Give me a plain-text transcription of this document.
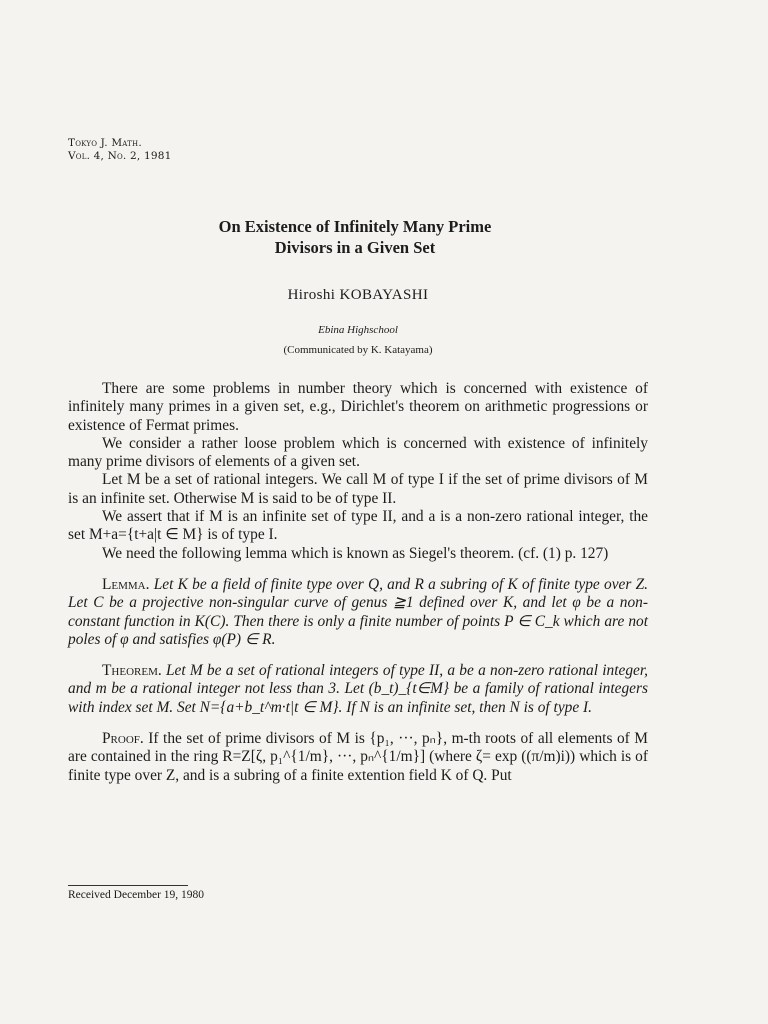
Tokyo J. Math.
Vol. 4, No. 2, 1981
On Existence of Infinitely Many Prime
Divisors in a Given Set
Hiroshi KOBAYASHI
Ebina Highschool
(Communicated by K. Katayama)

There are some problems in number theory which is concerned with existence of infinitely many primes in a given set, e.g., Dirichlet's theorem on arithmetic progressions or existence of Fermat primes.

We consider a rather loose problem which is concerned with existence of infinitely many prime divisors of elements of a given set.

Let M be a set of rational integers. We call M of type I if the set of prime divisors of M is an infinite set. Otherwise M is said to be of type II.

We assert that if M is an infinite set of type II, and a is a non-zero rational integer, the set M+a={t+a|t ∈ M} is of type I.

We need the following lemma which is known as Siegel's theorem. (cf. (1) p. 127)

Lemma. Let K be a field of finite type over Q, and R a subring of K of finite type over Z. Let C be a projective non-singular curve of genus ≧1 defined over K, and let φ be a non-constant function in K(C). Then there is only a finite number of points P ∈ C_k which are not poles of φ and satisfies φ(P) ∈ R.

Theorem. Let M be a set of rational integers of type II, a be a non-zero rational integer, and m be a rational integer not less than 3. Let (b_t)_{t∈M} be a family of rational integers with index set M. Set N={a+b_t^m·t|t ∈ M}. If N is an infinite set, then N is of type I.

Proof. If the set of prime divisors of M is {p₁, ···, pₙ}, m-th roots of all elements of M are contained in the ring R=Z[ζ, p₁^{1/m}, ···, pₙ^{1/m}] (where ζ= exp ((π/m)i)) which is of finite type over Z, and is a subring of a finite extention field K of Q. Put

Received December 19, 1980
